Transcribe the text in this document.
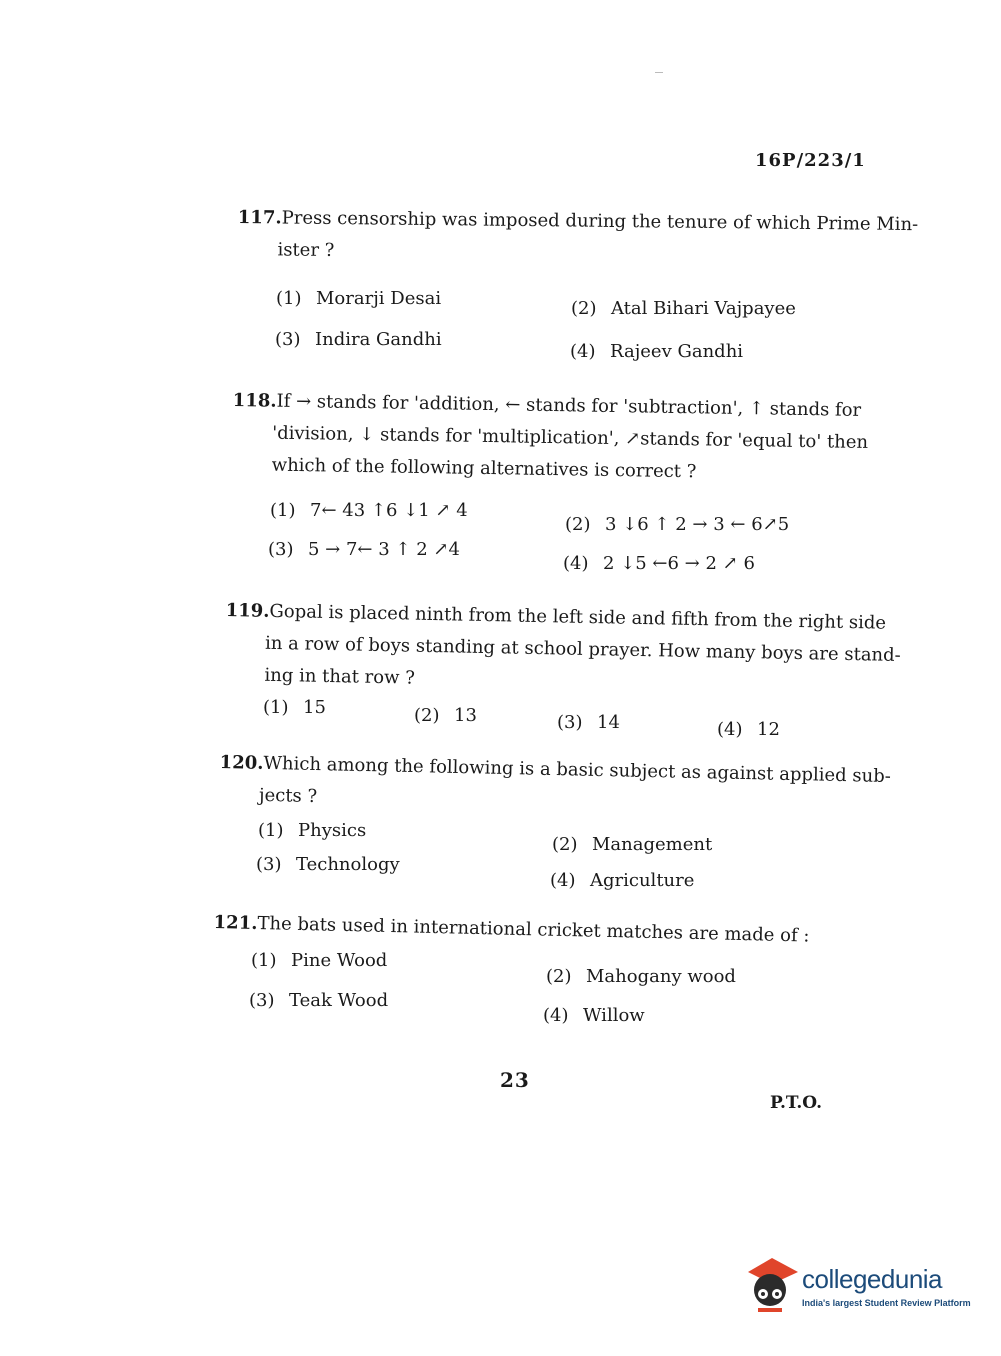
16P/223/1
117.Press censorship was imposed during the tenure of which Prime Min-
ister ?
(1) Morarji Desai	(2) Atal Bihari Vajpayee
(3) Indira Gandhi
(4) Rajeev Gandhi
118.If → stands for 'addition, ← stands for 'subtraction', ↑ stands for
'division, ↓ stands for 'multiplication', ↗stands for 'equal to' then
which of the following alternatives is correct ?
(1) 7← 43 ↑6 ↓1 ↗ 4
(2) 3 ↓6 ↑ 2 → 3 ← 6↗5
(3) 5 → 7← 3 ↑ 2 ↗4
(4) 2 ↓5 ←6 → 2 ↗ 6
119.Gopal is placed ninth from the left side and fifth from the right side
in a row of boys standing at school prayer. How many boys are stand-
ing in that row ?
(1) 15	(2) 13	(3) 14	(4) 12
120.Which among the following is a basic subject as against applied sub-
jects ?
(1) Physics
(2) Management
(3) Technology
(4) Agriculture
121.The bats used in international cricket matches are made of :
(1) Pine Wood
(2) Mahogany wood
(3) Teak Wood
(4) Willow
23
P.T.O.
collegedunia
India's largest Student Review Platform
